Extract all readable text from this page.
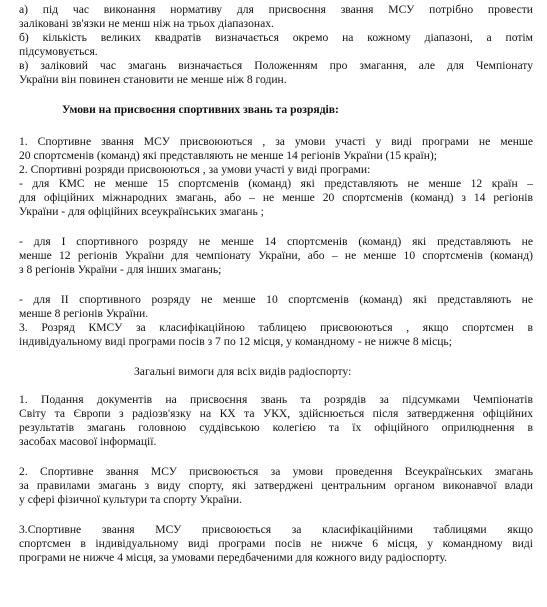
а) під час виконання нормативу для присвоєння звання МСУ потрібно провести
заліковані зв'язки не менш ніж на трьох діапазонах.
б) кількість великих квадратів визначається окремо на кожному діапазоні, а потім
підсумовується.
в) заліковий час змагань визначається Положенням про змагання, але для Чемпіонату
України він повинен становити не менше ніж 8 годин.
Умови на присвоєння спортивних звань та розрядів:
1. Спортивне звання МСУ присвоюються , за умови участі у виді програми не менше
20 спортсменів (команд) які представляють не менше 14 регіонів України (15 країн);
2. Спортивні розряди присвоюються , за умови участі у виді програми:
- для КМС не менше 15 спортсменів (команд) які представляють не менше 12 країн –
для офіційних міжнародних змагань, або – не менше 20 спортсменів (команд) з 14 регіонів
України - для офіційних всеукраїнських змагань ;
- для І спортивного розряду не менше 14 спортсменів (команд) які представляють не
менше 12 регіонів України для чемпіонату України, або – не менше 10 спортсменів (команд)
з 8 регіонів України - для інших змагань;
- для ІІ спортивного розряду не менше 10 спортсменів (команд) які представляють не
менше 8 регіонів України.
3. Розряд КМСУ за класифікаційною таблицею присвоюються , якщо спортсмен в
індивідуальному виді програми посів з 7 по 12 місця, у командному - не нижче 8 місць;
Загальні вимоги для всіх видів радіоспорту:
1. Подання документів на присвоєння звань та розрядів за підсумками Чемпіонатів
Світу та Європи з радіозв'язку на КХ та УКХ, здійснюється після затвердження офіційних
результатів змагань головною суддівською колегією та їх офіційного оприлюднення в
засобах масової інформації.
2. Спортивне звання МСУ присвоюється за умови проведення Всеукраїнських змагань
за правилами змагань з виду спорту, які затверджені центральним органом виконавчої влади
у сфері фізичної культури та спорту України.
3.Спортивне звання МСУ присвоюється за класифікаційними таблицями якщо
спортсмен в індивідуальному виді програми посів не нижче 6 місця, у командному виді
програми не нижче 4 місця, за умовами передбаченими для кожного виду радіоспорту.
